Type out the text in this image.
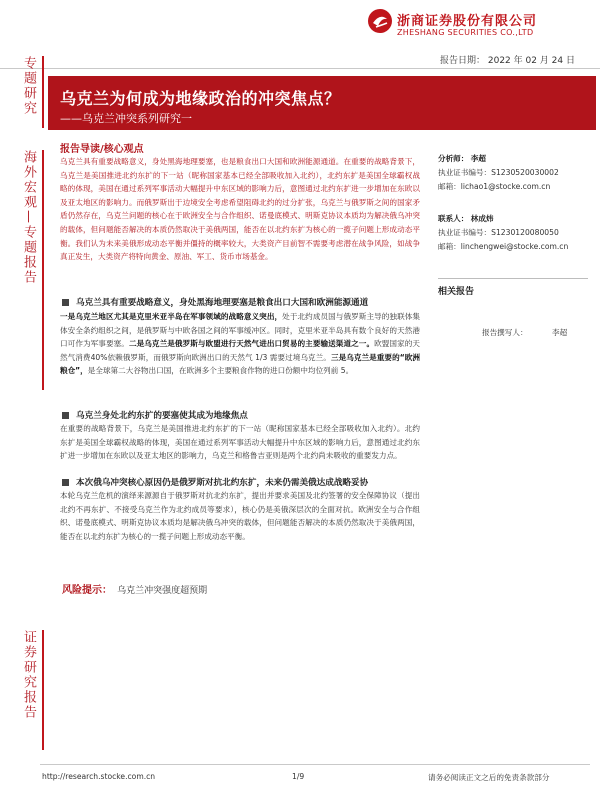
浙商证券股份有限公司
ZHESHANG SECURITIES CO.,LTD
报告日期： 2022 年 02 月 24 日
专题研究
海外宏观—专题报告
证券研究报告
乌克兰为何成为地缘政治的冲突焦点？
——乌克兰冲突系列研究一
报告导读/核心观点
乌克兰具有重要战略意义，身处黑海地理要塞，也是粮食出口大国和欧洲能源通道。在重要的战略背景下，乌克兰是美国推进北约东扩的下一站（昵称国家基本已经全部吸收加入北约），北约东扩是美国全球霸权战略的体现，美国在通过系列军事活动大幅提升中东区域的影响力后，意图通过北约东扩进一步增加在东欧以及亚太地区的影响力。而俄罗斯出于边境安全考虑希望阻碍北约的过分扩张，乌克兰与俄罗斯之间的国家矛盾仍然存在，乌克兰问题的核心在于欧洲安全与合作组织、诺曼底模式、明斯克协议本质均为解决俄乌冲突的载体，但问题能否解决的本质仍然取决于美俄两国，能否在以北约东扩为核心的一揽子问题上形成动态平衡。我们认为未来美俄形成动态平衡并僵持的概率较大，大类资产目前智不需要考虑潜在战争风险，如战争真正发生，大类资产将特向黄金、原油、军工、货币市场基金。
分析师： 李超
执业证书编号：S1230520030002
邮箱：lichao1@stocke.com.cn
联系人： 林成炜
执业证书编号：S1230120080050
邮箱：linchengwei@stocke.com.cn
相关报告
报告撰写人：	李超
乌克兰具有重要战略意义，身处黑海地理要塞是粮食出口大国和欧洲能源通道
一是乌克兰地区尤其是克里米亚半岛在军事领域的战略意义突出，处于北约成员国与俄罗斯主导的独联体集体安全条约组织之间，是俄罗斯与中欧各国之间的军事缓冲区。同时，克里米亚半岛具有数个良好的天然港口可作为军事要塞。二是乌克兰是俄罗斯与欧盟进行天然气进出口贸易的主要输送渠道之一。欧盟国家的天然气消费40%依赖俄罗斯，而俄罗斯向欧洲出口的天然气 1/3 需要过境乌克兰。三是乌克兰是重要的“欧洲粮仓”，是全球第二大谷物出口国，在欧洲多个主要粮食作物的进口份额中均位列前 5。
乌克兰身处北约东扩的要塞使其成为地缘焦点
在重要的战略背景下，乌克兰是美国推进北约东扩的下一站（昵称国家基本已经全部吸收加入北约）。北约东扩是美国全球霸权战略的体现，美国在通过系列军事活动大幅提升中东区域的影响力后，意图通过北约东扩进一步增加在东欧以及亚太地区的影响力，乌克兰和格鲁吉亚则是两个北约尚未吸收的重要发力点。
本次俄乌冲突核心原因仍是俄罗斯对抗北约东扩，未来仍需美俄达成战略妥协
本轮乌克兰危机的演绎来源源自于俄罗斯对抗北约东扩，提出并要求美国及北约签署的安全保障协议（提出北约不再东扩、不接受乌克兰作为北约成员等要求），核心仍是美俄深层次的全面对抗。欧洲安全与合作组织、诺曼底模式、明斯克协议本质均是解决俄乌冲突的载体，但问题能否解决的本质仍然取决于美俄两国，能否在以北约东扩为核心的一揽子问题上形成动态平衡。
风险提示： 乌克兰冲突强度超预期
http://research.stocke.com.cn	1/9	请务必阅读正文之后的免责条款部分
